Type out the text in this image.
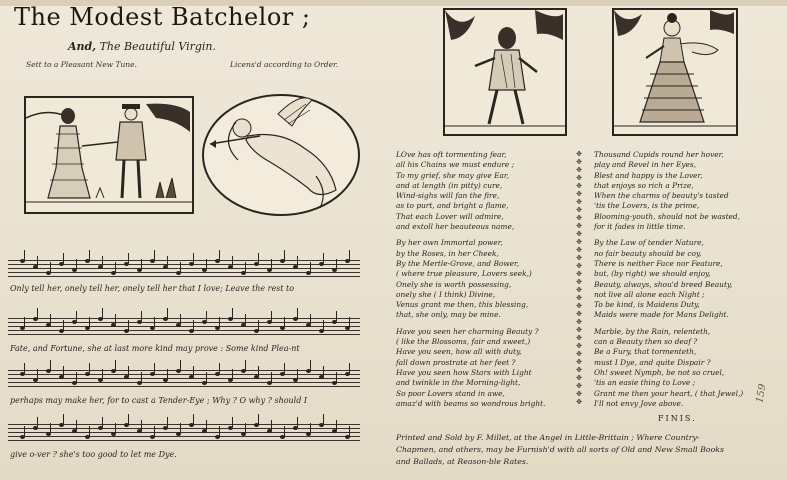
The Modest Batchelor ;
And, The Beautiful Virgin.
Sett to a Pleasant New Tune.	Licens'd according to Order.
Only tell her, onely tell her, onely tell her that I love; Leave the rest to
Fate, and Fortune, she at last more kind may prove : Some kind Plea-nt
perhaps may make her, for to cast a Tender-Eye ; Why ? O why ? should I
give o-ver ? she's too good to let me Dye.
LOve has oft tormenting fear,
all his Chains we must endure ;
To my grief, she may give Ear,
and at length (in pitty) cure,
Wind-sighs will fan the fire,
as to purt, and bright a flame,
That each Lover will admire,
and extoll her beauteous name,
By her own Immortal power,
by the Roses, in her Cheek,
By the Mertle-Grove, and Bower,
( where true pleasure, Lovers seek,)
Onely she is worth possessing,
onely she ( I think) Divine,
Venus grant me then, this blessing,
that, she only, may be mine.
Have you seen her charming Beauty ?
( like the Blossoms, fair and sweet,)
Have you seen, how all with duty,
fall down prostrate at her feet ?
Have you seen how Stars with Light
and twinkle in the Morning-light,
So poor Lovers stand in awe,
amaz'd with beams so wondrous bright.
✥
✥
✥
✥
✥
✥
✥
✥
✥
✥
✥
✥
✥
✥
✥
✥
✥
✥
✥
✥
✥
✥
✥
✥
✥
✥
✥
✥
✥
✥
✥
✥
Thousand Cupids round her hover,
play and Revel in her Eyes,
Blest and happy is the Lover,
that enjoys so rich a Prize,
When the charms of beauty's tasted
'tis the Lovers, is the prime,
Blooming-youth, should not be wasted,
for it fades in little time.
By the Law of tender Nature,
no fair beauty should be coy,
There is neither Face nor Feature,
but, (by right) we should enjoy,
Beauty, always, shou'd breed Beauty,
not live all alone each Night ;
To be kind, is Maidens Duty,
Maids were made for Mans Delight.
Marble, by the Rain, relenteth,
can a Beauty then so deaf ?
Be a Fury, that tormenteth,
must I Dye, and quite Dispair ?
Oh! sweet Nymph, be not so cruel,
'tis an easie thing to Love ;
Grant me then your heart, ( that Jewel,)
I'll not envy Jove above.
FINIS.
Printed and Sold by F. Millet, at the Angel in Little-Brittain ; Where Country-
Chapmen, and others, may be Furnish'd with all sorts of Old and New Small Books
and Ballads, at Reason-ble Rates.
159
